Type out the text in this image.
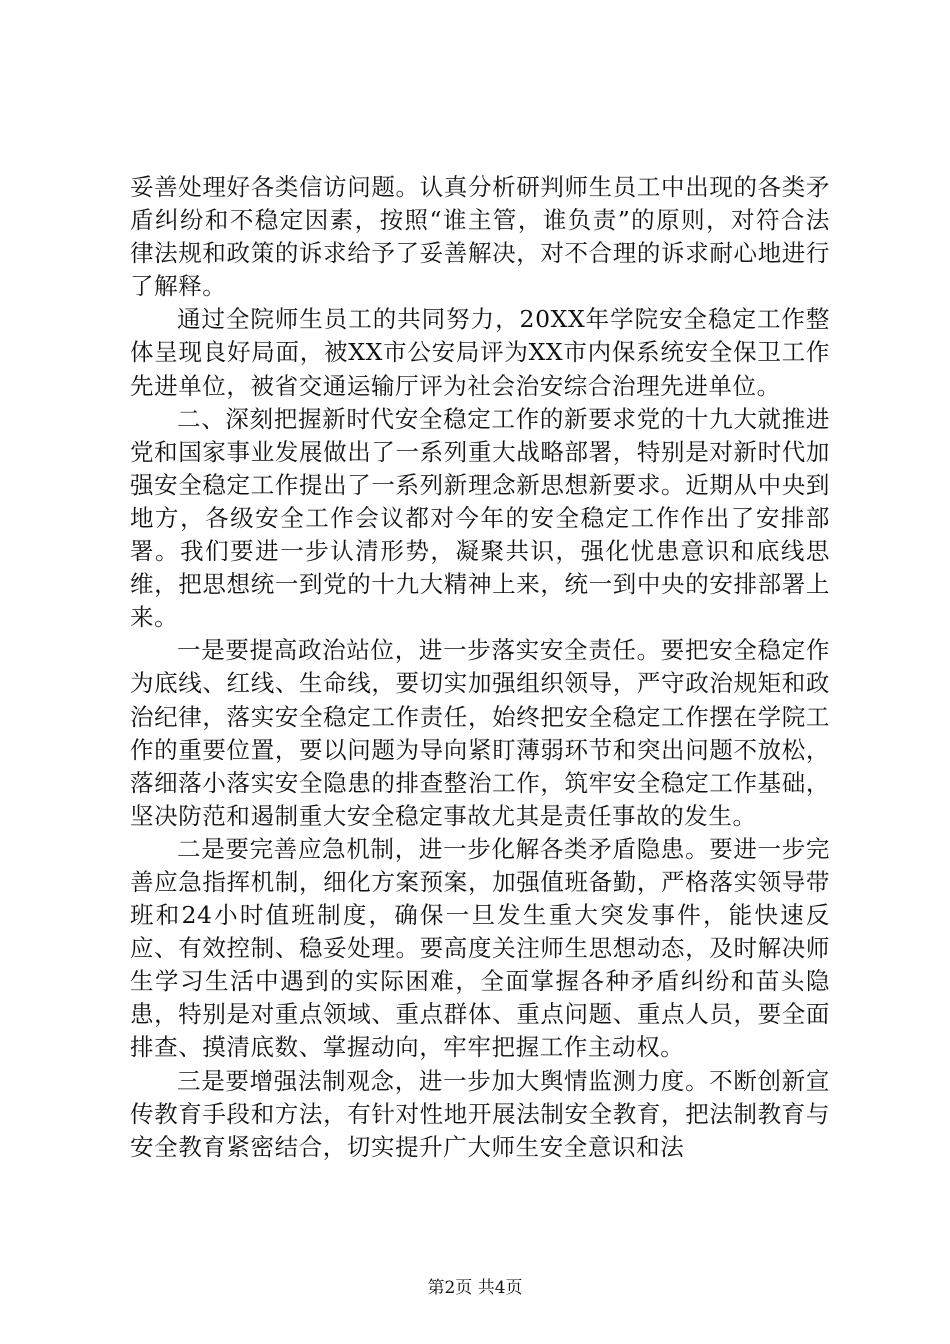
妥善处理好各类信访问题。认真分析研判师生员工中出现的各类矛盾纠纷和不稳定因素，按照“谁主管，谁负责”的原则，对符合法律法规和政策的诉求给予了妥善解决，对不合理的诉求耐心地进行了解释。

通过全院师生员工的共同努力，20XX年学院安全稳定工作整体呈现良好局面，被XX市公安局评为XX市内保系统安全保卫工作先进单位，被省交通运输厅评为社会治安综合治理先进单位。

二、深刻把握新时代安全稳定工作的新要求党的十九大就推进党和国家事业发展做出了一系列重大战略部署，特别是对新时代加强安全稳定工作提出了一系列新理念新思想新要求。近期从中央到地方，各级安全工作会议都对今年的安全稳定工作作出了安排部署。我们要进一步认清形势，凝聚共识，强化忧患意识和底线思维，把思想统一到党的十九大精神上来，统一到中央的安排部署上来。

一是要提高政治站位，进一步落实安全责任。要把安全稳定作为底线、红线、生命线，要切实加强组织领导，严守政治规矩和政治纪律，落实安全稳定工作责任，始终把安全稳定工作摆在学院工作的重要位置，要以问题为导向紧盯薄弱环节和突出问题不放松，落细落小落实安全隐患的排查整治工作，筑牢安全稳定工作基础，坚决防范和遏制重大安全稳定事故尤其是责任事故的发生。

二是要完善应急机制，进一步化解各类矛盾隐患。要进一步完善应急指挥机制，细化方案预案，加强值班备勤，严格落实领导带班和24小时值班制度，确保一旦发生重大突发事件，能快速反应、有效控制、稳妥处理。要高度关注师生思想动态，及时解决师生学习生活中遇到的实际困难，全面掌握各种矛盾纠纷和苗头隐患，特别是对重点领域、重点群体、重点问题、重点人员，要全面排查、摸清底数、掌握动向，牢牢把握工作主动权。

三是要增强法制观念，进一步加大舆情监测力度。不断创新宣传教育手段和方法，有针对性地开展法制安全教育，把法制教育与安全教育紧密结合，切实提升广大师生安全意识和法

第2页 共4页
